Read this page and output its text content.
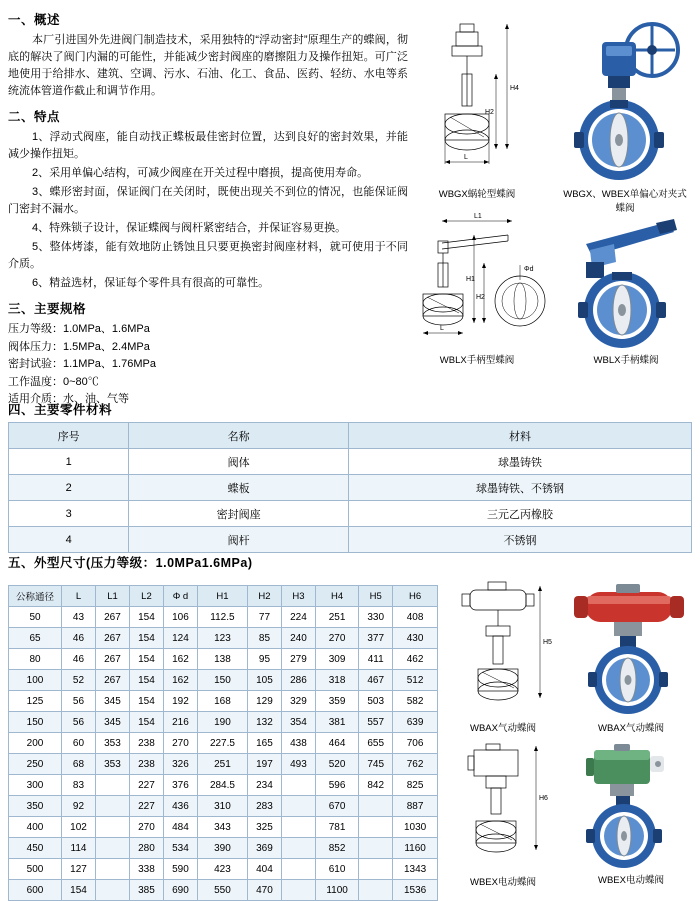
一、概述

本厂引进国外先进阀门制造技术，采用独特的“浮动密封”原理生产的蝶阀，彻底的解决了阀门内漏的可能性，并能减少密封阀座的磨擦阻力及操作扭矩。可广泛地使用于给排水、建筑、空调、污水、石油、化工、食品、医药、轻纺、水电等系统流体管道作截止和调节作用。

二、特点

1、浮动式阀座，能自动找正蝶板最佳密封位置，达到良好的密封效果，并能减少操作扭矩。

2、采用单偏心结构，可减少阀座在开关过程中磨损，提高使用寿命。

3、蝶形密封面，保证阀门在关闭时，既使出现关不到位的情况，也能保证阀门密封不漏水。

4、特殊锁子设计，保证蝶阀与阀杆紧密结合，并保证容易更换。

5、整体烤漆，能有效地防止锈蚀且只要更换密封阀座材料，就可使用于不同介质。

6、精益选材，保证每个零件具有很高的可靠性。

三、主要规格

压力等级：1.0MPa、1.6MPa

阀体压力：1.5MPa、2.4MPa

密封试验：1.1MPa、1.76MPa

工作温度：0~80℃

适用介质：水、油、气等

四、主要零件材料
序号	名称	材料
1	阀体	球墨铸铁
2	蝶板	球墨铸铁、不锈钢
3	密封阀座	三元乙丙橡胶
4	阀杆	不锈钢
五、外型尺寸(压力等级：1.0MPa1.6MPa)
公称通径	L	L1	L2	Φ d	H1	H2	H3	H4	H5	H6
50	43	267	154	106	112.5	77	224	251	330	408
65	46	267	154	124	123	85	240	270	377	430
80	46	267	154	162	138	95	279	309	411	462
100	52	267	154	162	150	105	286	318	467	512
125	56	345	154	192	168	129	329	359	503	582
150	56	345	154	216	190	132	354	381	557	639
200	60	353	238	270	227.5	165	438	464	655	706
250	68	353	238	326	251	197	493	520	745	762
300	83		227	376	284.5	234		596	842	825
350	92		227	436	310	283		670		887
400	102		270	484	343	325		781		1030
450	114		280	534	390	369		852		1160
500	127		338	590	423	404		610		1343
600	154		385	690	550	470		1100		1536
H4
H2
L
WBGX蜗轮型蝶阀	WBGX、WBEX单偏心对夹式蝶阀
L1
H1
H2
L
Φd
WBLX手柄型蝶阀	WBLX手柄蝶阀
H5
WBAX气动蝶阀	WBAX气动蝶阀
H6
WBEX电动蝶阀	WBEX电动蝶阀
